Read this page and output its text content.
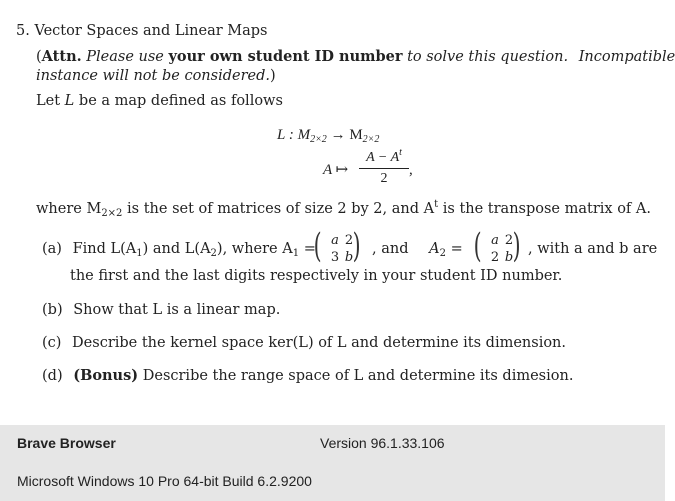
5. Vector Spaces and Linear Maps
(Attn. Please use your own student ID number to solve this question. Incompatible
instance will not be considered.)
Let L be a map defined as follows
L : $M_{2\times 2} \to M_{2\times 2}$
A ↦
$A - A^t$
2
,
where $M_{2\times 2}$ is the set of matrices of size 2 by 2, and $A^t$ is the transpose matrix of A.
(a) Find $L(A_1)$ and $L(A_2)$, where $A_1$ =
( a 2
3 b ) , and $A_2$ = ( a 2
2 b ) , with a and b are
the first and the last digits respectively in your student ID number.
(b) Show that L is a linear map.
(c) Describe the kernel space ker(L) of L and determine its dimension.
(d) (Bonus) Describe the range space of L and determine its dimesion.
Brave Browser	Version 96.1.33.106
Microsoft Windows 10 Pro 64-bit Build 6.2.9200
